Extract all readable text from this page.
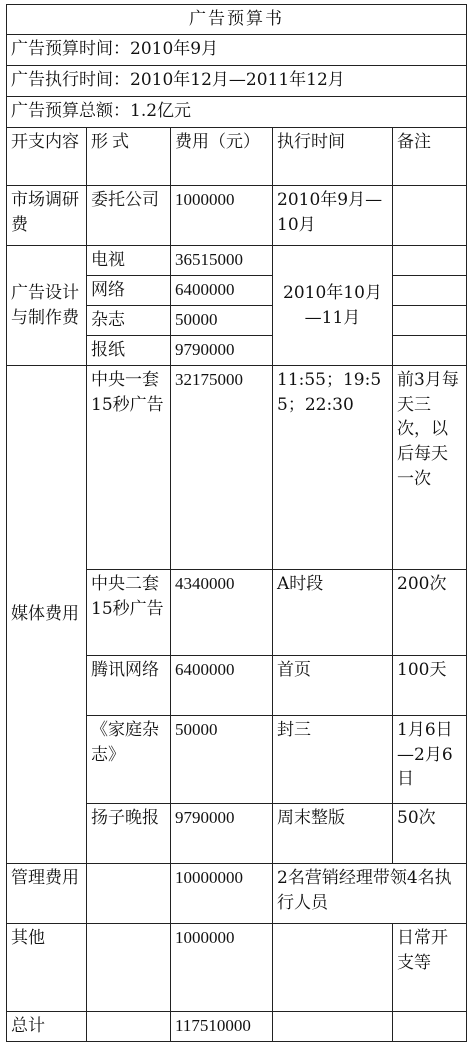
广告预算书				
广告预算时间：2010年9月				
广告执行时间：2010年12月—2011年12月				
广告预算总额：1.2亿元				
开支内容	形式	费用（元）	执行时间	备注
市场调研费	委托公司	1000000	2010年9月—10月	
广告设计与制作费	电视	36515000	2010年10月—11月	
	网络	6400000		
	杂志	50000		
	报纸	9790000		
媒体费用	中央一套15秒广告	32175000	11:55；19:55；22:30	前3月每天三次，以后每天一次
	中央二套15秒广告	4340000	A时段	200次
	腾讯网络	6400000	首页	100天
	《家庭杂志》	50000	封三	1月6日—2月6日
	扬子晚报	9790000	周末整版	50次
管理费用		10000000	2名营销经理带领4名执行人员	
其他		1000000		日常开支等
总计		117510000		
